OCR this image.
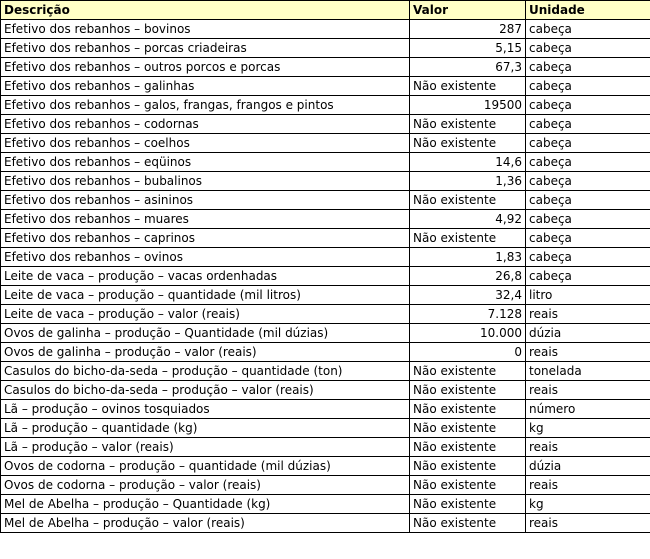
Descrição	Valor	Unidade
Efetivo dos rebanhos – bovinos	287	cabeça
Efetivo dos rebanhos – porcas criadeiras	5,15	cabeça
Efetivo dos rebanhos – outros porcos e porcas	67,3	cabeça
Efetivo dos rebanhos – galinhas	Não existente	cabeça
Efetivo dos rebanhos – galos, frangas, frangos e pintos	19500	cabeça
Efetivo dos rebanhos – codornas	Não existente	cabeça
Efetivo dos rebanhos – coelhos	Não existente	cabeça
Efetivo dos rebanhos – eqüinos	14,6	cabeça
Efetivo dos rebanhos – bubalinos	1,36	cabeça
Efetivo dos rebanhos – asininos	Não existente	cabeça
Efetivo dos rebanhos – muares	4,92	cabeça
Efetivo dos rebanhos – caprinos	Não existente	cabeça
Efetivo dos rebanhos – ovinos	1,83	cabeça
Leite de vaca – produção – vacas ordenhadas	26,8	cabeça
Leite de vaca – produção – quantidade (mil litros)	32,4	litro
Leite de vaca – produção – valor (reais)	7.128	reais
Ovos de galinha – produção – Quantidade (mil dúzias)	10.000	dúzia
Ovos de galinha – produção – valor (reais)	0	reais
Casulos do bicho-da-seda – produção – quantidade (ton)	Não existente	tonelada
Casulos do bicho-da-seda – produção – valor (reais)	Não existente	reais
Lã – produção – ovinos tosquiados	Não existente	número
Lã – produção – quantidade (kg)	Não existente	kg
Lã – produção – valor (reais)	Não existente	reais
Ovos de codorna – produção – quantidade (mil dúzias)	Não existente	dúzia
Ovos de codorna – produção – valor (reais)	Não existente	reais
Mel de Abelha – produção – Quantidade (kg)	Não existente	kg
Mel de Abelha – produção – valor (reais)	Não existente	reais
